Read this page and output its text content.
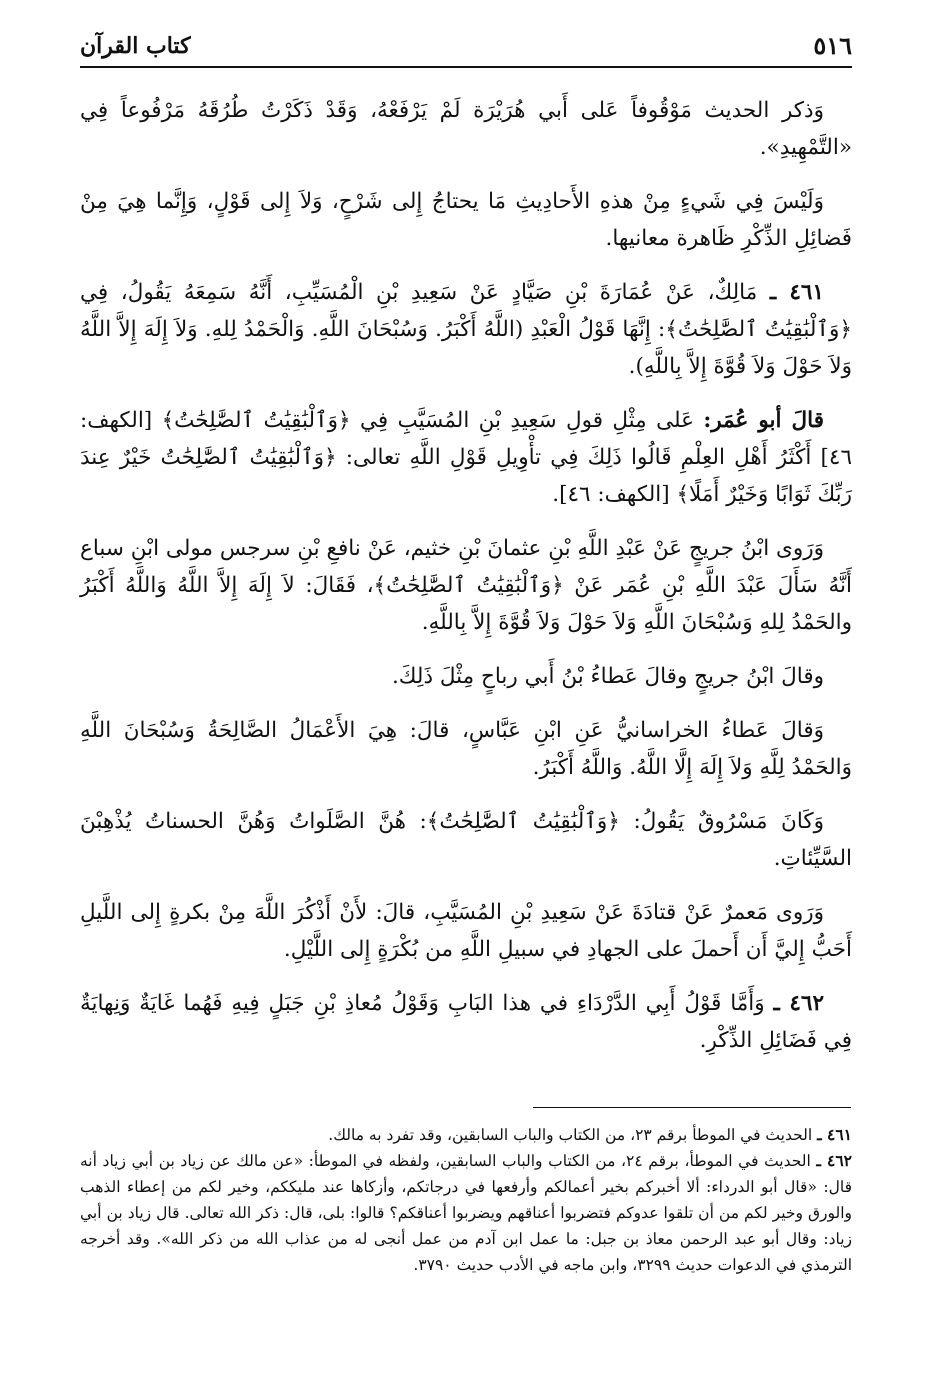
٥١٦
كتاب القرآن

وَذكر الحديث مَوْقُوفاً عَلى أَبي هُرَيْرَة لَمْ يَرْفَعْهُ، وَقَدْ ذَكَرْتُ طُرُقَهُ مَرْفُوعاً فِي «التَّمْهِيدِ».

وَلَيْسَ فِي شَيءٍ مِنْ هذهِ الأَحادِيثِ مَا يحتاجُ إِلى شَرْحٍ، وَلاَ إِلى قَوْلٍ، وَإِنَّما هِيَ مِنْ فَضائِلِ الذِّكْرِ ظَاهرة معانيها.

٤٦١ ـ مَالِكٌ، عَنْ عُمَارَةَ بْنِ صَيَّادٍ عَنْ سَعِيدِ بْنِ الْمُسَيِّبِ، أَنَّهُ سَمِعَهُ يَقُولُ، فِي ﴿وَٱلْبَٰقِيَٰتُ ٱلصَّٰلِحَٰتُ﴾: إِنَّهَا قَوْلُ الْعَبْدِ (اللَّهُ أَكْبَرُ. وَسُبْحَانَ اللَّهِ. وَالْحَمْدُ لِلهِ. وَلاَ إِلَهَ إِلاَّ اللَّهُ وَلاَ حَوْلَ وَلاَ قُوَّةَ إِلاَّ بِاللَّهِ).

قالَ أبو عُمَر: عَلى مِثْلِ قولِ سَعِيدِ بْنِ المُسَيَّبِ فِي ﴿وَٱلْبَٰقِيَٰتُ ٱلصَّٰلِحَٰتُ﴾ [الكهف: ٤٦] أَكْثَرُ أَهْلِ العِلْمِ قَالُوا ذَلِكَ فِي تأْوِيلِ قَوْلِ اللَّهِ تعالى: ﴿وَٱلْبَٰقِيَٰتُ ٱلصَّٰلِحَٰتُ خَيْرٌ عِندَ رَبِّكَ ثَوَابًا وَخَيْرٌ أَمَلًا﴾ [الكهف: ٤٦].

وَرَوى ابْنُ جريجٍ عَنْ عَبْدِ اللَّهِ بْنِ عثمانَ بْنِ خثيم، عَنْ نافعِ بْنِ سرجس مولى ابْنِ سباع أَنَّهُ سَأَلَ عَبْدَ اللَّهِ بْنِ عُمَر عَنْ ﴿وَٱلْبَٰقِيَٰتُ ٱلصَّٰلِحَٰتُ﴾، فَقَالَ: لاَ إِلَهَ إِلاَّ اللَّهُ وَاللَّهُ أَكْبَرُ والحَمْدُ لِلهِ وَسُبْحَانَ اللَّهِ وَلاَ حَوْلَ وَلاَ قُوَّةَ إِلاَّ بِاللَّهِ.

وقالَ ابْنُ جريجٍ وقالَ عَطاءُ بْنُ أَبي رباحٍ مِثْلَ ذَلِكَ.

وَقالَ عَطاءُ الخراسانيُّ عَنِ ابْنِ عَبَّاسٍ، قالَ: هِيَ الأَعْمَالُ الصَّالِحَةُ وَسُبْحَانَ اللَّهِ وَالحَمْدُ لِلَّهِ وَلاَ إِلَهَ إِلَّا اللَّهُ. وَاللَّهُ أَكْبَرُ.

وَكَانَ مَسْرُوقٌ يَقُولُ: ﴿وَٱلْبَٰقِيَٰتُ ٱلصَّٰلِحَٰتُ﴾: هُنَّ الصَّلَواتُ وَهُنَّ الحسناتُ يُذْهِبْنَ السَّيِّئاتِ.

وَرَوى مَعمرٌ عَنْ قتادَةَ عَنْ سَعِيدِ بْنِ المُسَيَّبِ، قالَ: لأَنْ أَذْكُرَ اللَّهَ مِنْ بكرةٍ إِلى اللَّيلِ أَحَبُّ إِليَّ أَن أَحملَ على الجهادِ في سبيلِ اللَّهِ من بُكْرَةٍ إِلى اللَّيْلِ.

٤٦٢ ـ وَأَمَّا قَوْلُ أَبِي الدَّرْدَاءِ في هذا البَابِ وَقَوْلُ مُعاذِ بْنِ جَبَلٍ فِيهِ فَهُما غَايَةٌ وَنِهايَةٌ فِي فَضَائِلِ الذِّكْرِ.

٤٦١ ـ الحديث في الموطأ برقم ٢٣، من الكتاب والباب السابقين، وقد تفرد به مالك.

٤٦٢ ـ الحديث في الموطأ، برقم ٢٤، من الكتاب والباب السابقين، ولفظه في الموطأ: «عن مالك عن زياد بن أبي زياد أنه قال: «قال أبو الدرداء: ألا أخبركم بخير أعمالكم وأرفعها في درجاتكم، وأزكاها عند مليككم، وخير لكم من إعطاء الذهب والورق وخير لكم من أن تلقوا عدوكم فتضربوا أعناقهم ويضربوا أعناقكم؟ قالوا: بلى، قال: ذكر الله تعالى. قال زياد بن أبي زياد: وقال أبو عبد الرحمن معاذ بن جبل: ما عمل ابن آدم من عمل أنجى له من عذاب الله من ذكر الله». وقد أخرجه الترمذي في الدعوات حديث ٣٢٩٩، وابن ماجه في الأدب حديث ٣٧٩٠.
